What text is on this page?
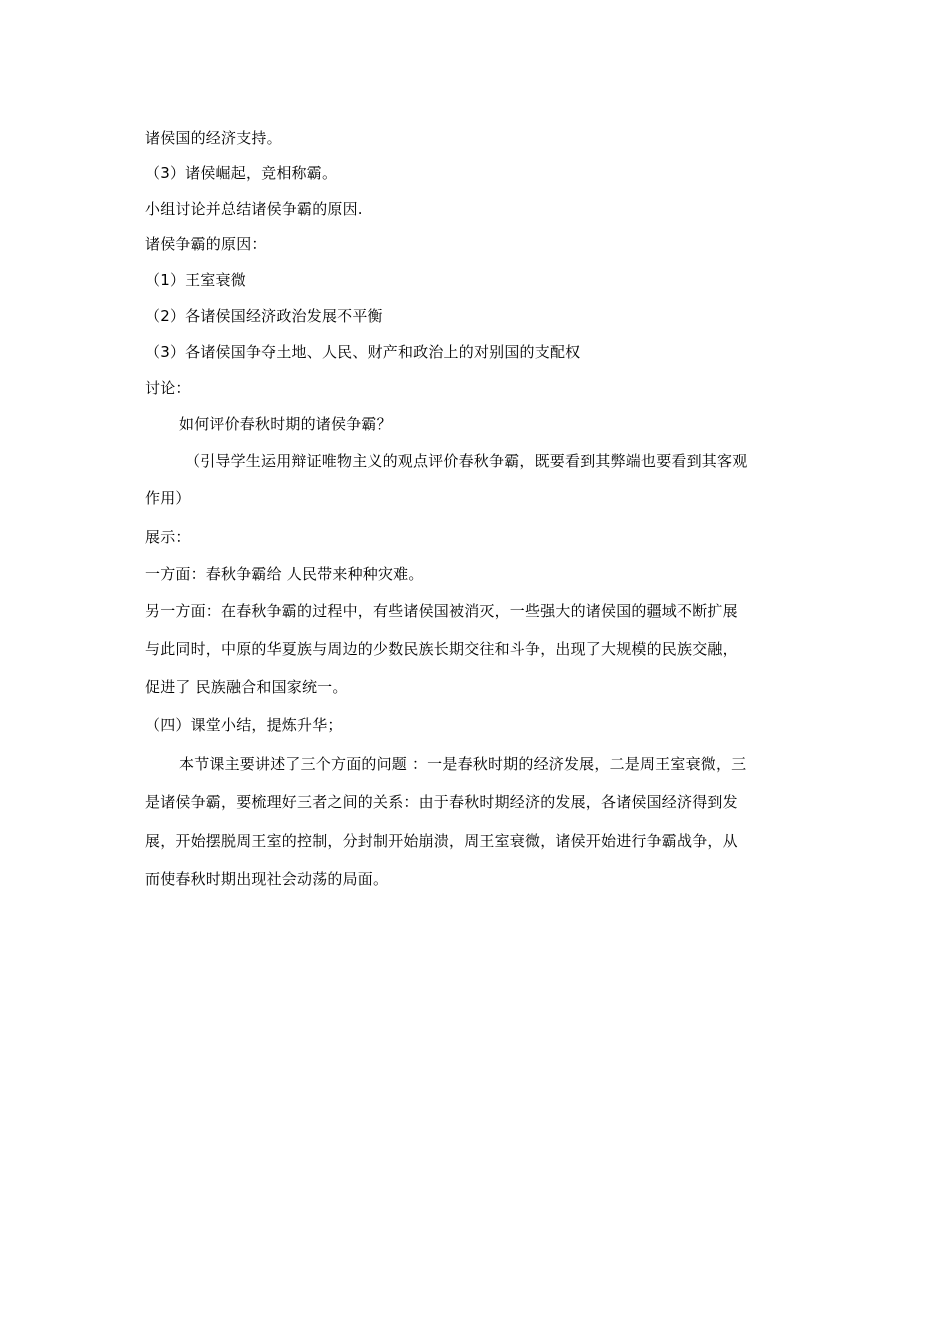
诸侯国的经济支持。
（3）诸侯崛起，竞相称霸。
小组讨论并总结诸侯争霸的原因.
诸侯争霸的原因：
（1）王室衰微
（2）各诸侯国经济政治发展不平衡
（3）各诸侯国争夺土地、人民、财产和政治上的对别国的支配权
讨论：
如何评价春秋时期的诸侯争霸？
（引导学生运用辩证唯物主义的观点评价春秋争霸，既要看到其弊端也要看到其客观
作用）
展示：
一方面：春秋争霸给 人民带来种种灾难。
另一方面：在春秋争霸的过程中，有些诸侯国被消灭，一些强大的诸侯国的疆域不断扩展
与此同时，中原的华夏族与周边的少数民族长期交往和斗争，出现了大规模的民族交融，
促进了 民族融合和国家统一。
（四）课堂小结，提炼升华；
本节课主要讲述了三个方面的问题 ：一是春秋时期的经济发展，二是周王室衰微，三
是诸侯争霸，要梳理好三者之间的关系：由于春秋时期经济的发展，各诸侯国经济得到发
展，开始摆脱周王室的控制，分封制开始崩溃，周王室衰微，诸侯开始进行争霸战争，从
而使春秋时期出现社会动荡的局面。
